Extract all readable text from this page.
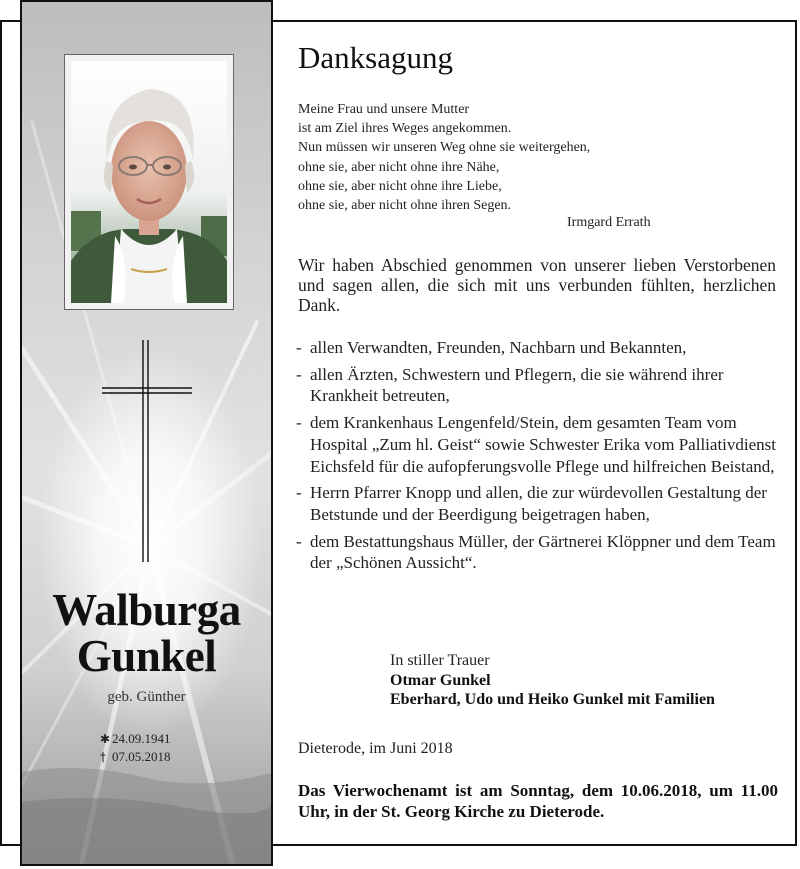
Walburga
Gunkel
geb. Günther
✱ 24.09.1941
† 07.05.2018
Danksagung
Meine Frau und unsere Mutter
ist am Ziel ihres Weges angekommen.
Nun müssen wir unseren Weg ohne sie weitergehen,
ohne sie, aber nicht ohne ihre Nähe,
ohne sie, aber nicht ohne ihre Liebe,
ohne sie, aber nicht ohne ihren Segen.
Irmgard Errath
Wir haben Abschied genommen von unserer lieben Verstorbenen und sagen allen, die sich mit uns verbunden fühlten, herzlichen Dank.
- allen Verwandten, Freunden, Nachbarn und Bekannten,
- allen Ärzten, Schwestern und Pflegern, die sie während ihrer Krankheit betreuten,
- dem Krankenhaus Lengenfeld/Stein, dem gesamten Team vom Hospital „Zum hl. Geist“ sowie Schwester Erika vom Palliativdienst Eichsfeld für die aufopferungsvolle Pflege und hilfreichen Beistand,
- Herrn Pfarrer Knopp und allen, die zur würdevollen Gestaltung der Betstunde und der Beerdigung beigetragen haben,
- dem Bestattungshaus Müller, der Gärtnerei Klöppner und dem Team der „Schönen Aussicht“.
In stiller Trauer
Otmar Gunkel
Eberhard, Udo und Heiko Gunkel mit Familien
Dieterode, im Juni 2018
Das Vierwochenamt ist am Sonntag, dem 10.06.2018, um 11.00 Uhr, in der St. Georg Kirche zu Dieterode.
